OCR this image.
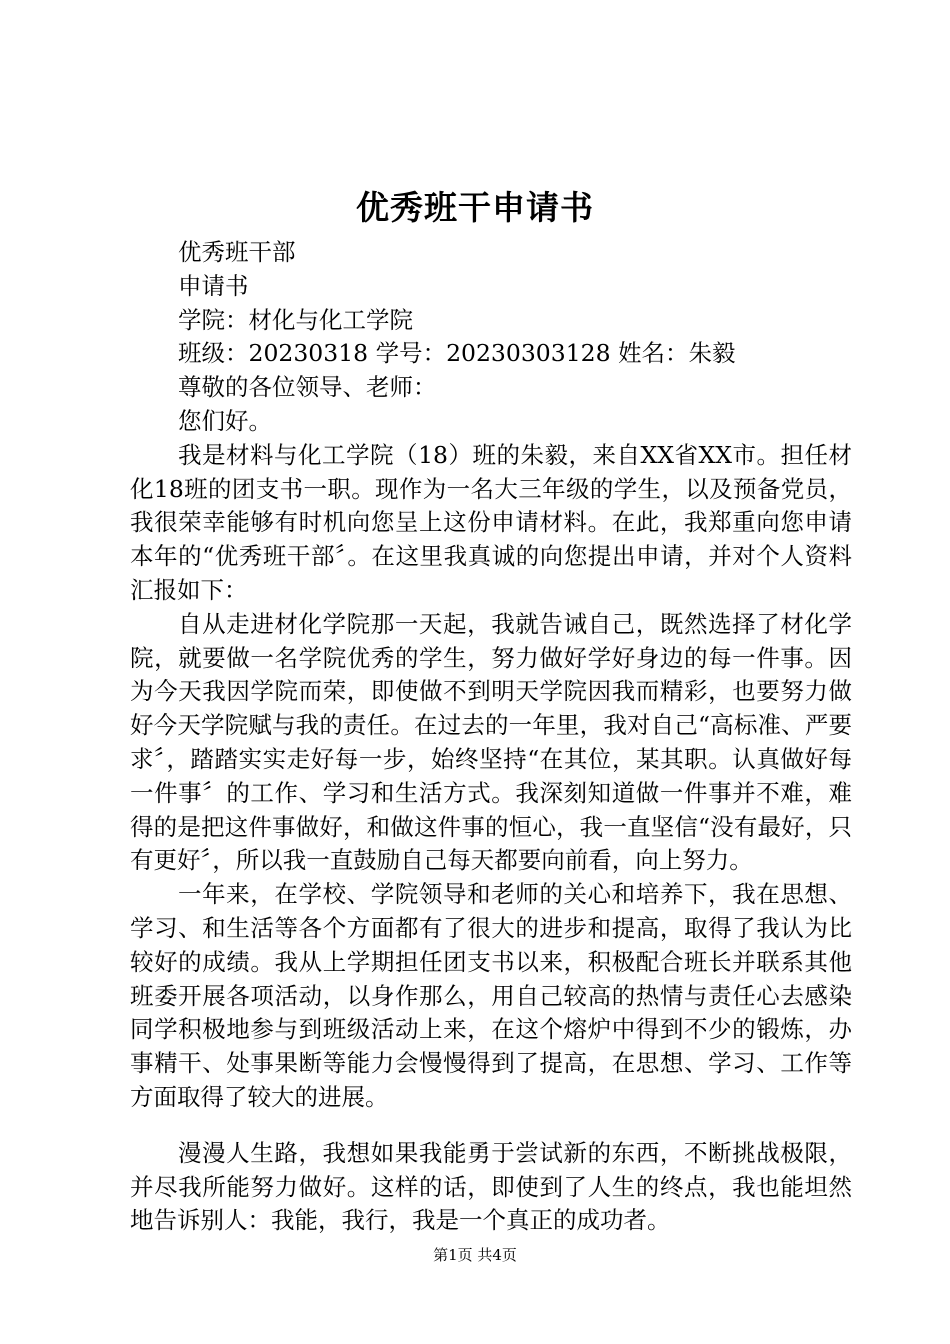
优秀班干申请书
优秀班干部
申请书
学院：材化与化工学院
班级：20230318 学号：20230303128 姓名：朱毅
尊敬的各位领导、老师：
您们好。

我是材料与化工学院（18）班的朱毅，来自XX省XX市。担任材化18班的团支书一职。现作为一名大三年级的学生，以及预备党员，我很荣幸能够有时机向您呈上这份申请材料。在此，我郑重向您申请本年的“优秀班干部〞。在这里我真诚的向您提出申请，并对个人资料汇报如下：

自从走进材化学院那一天起，我就告诫自己，既然选择了材化学院，就要做一名学院优秀的学生，努力做好学好身边的每一件事。因为今天我因学院而荣，即使做不到明天学院因我而精彩，也要努力做好今天学院赋与我的责任。在过去的一年里，我对自己“高标准、严要求〞，踏踏实实走好每一步，始终坚持“在其位，某其职。认真做好每一件事〞的工作、学习和生活方式。我深刻知道做一件事并不难，难得的是把这件事做好，和做这件事的恒心，我一直坚信“没有最好，只有更好〞，所以我一直鼓励自己每天都要向前看，向上努力。

一年来，在学校、学院领导和老师的关心和培养下，我在思想、学习、和生活等各个方面都有了很大的进步和提高，取得了我认为比较好的成绩。我从上学期担任团支书以来，积极配合班长并联系其他班委开展各项活动，以身作那么，用自己较高的热情与责任心去感染同学积极地参与到班级活动上来，在这个熔炉中得到不少的锻炼，办事精干、处事果断等能力会慢慢得到了提高，在思想、学习、工作等方面取得了较大的进展。

漫漫人生路，我想如果我能勇于尝试新的东西，不断挑战极限，并尽我所能努力做好。这样的话，即使到了人生的终点，我也能坦然地告诉别人：我能，我行，我是一个真正的成功者。

第1页 共4页
